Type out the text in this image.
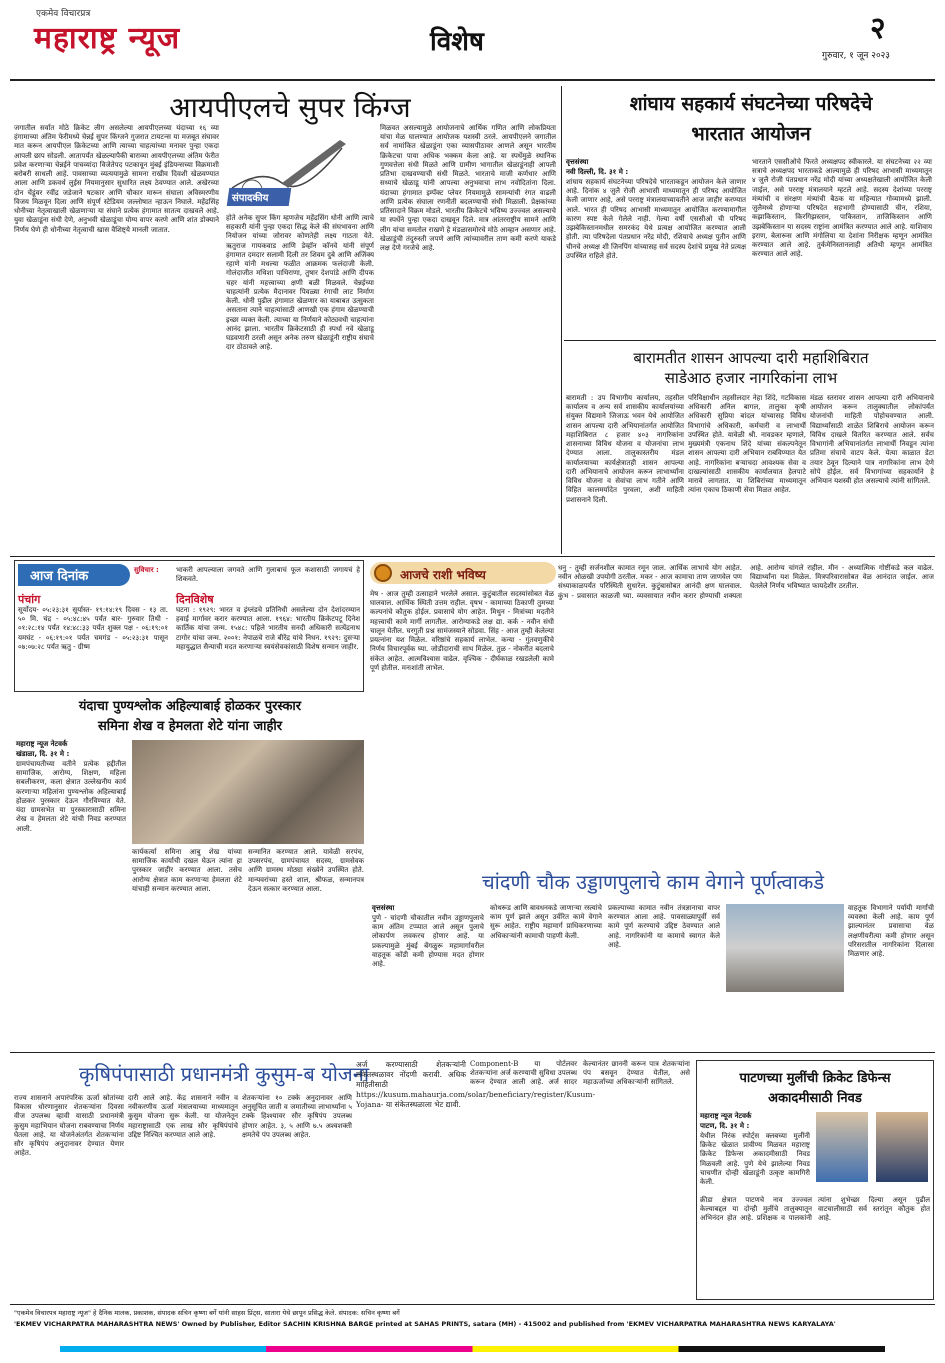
एकमेव विचारप्रत्र
महाराष्ट्र न्यूज	विशेष	२
गुरुवार, १ जून २०२३
आयपीएलचे सुपर किंग्ज
संपादकीय
जगातील सर्वात मोठे क्रिकेट लीग असलेल्या आयपीएलच्या यंदाच्या १६ व्या हंगामाच्या अंतिम फेरीमध्ये चेन्नई सुपर किंग्जने गुजरात टायटन्स या मजबूत संघावर मात करून आयपीएल क्रिकेटच्या आणि त्याच्या चाहत्यांच्या मनावर पुन्हा एकदा आपली छाप सोडली. आतापर्यंत खेळल्यापैकी बाराव्या आयपीएलच्या अंतिम फेरीत प्रवेश करणाऱ्या चेन्नईने पाचव्यांदा विजेतेपद पटकावून मुंबई इंडियन्सच्या विक्रमाशी बरोबरी साधली आहे. पावसाच्या व्यत्ययामुळे सामना राखीव दिवशी खेळवण्यात आला आणि डकवर्थ लुईस नियमानुसार सुधारित लक्ष्य ठेवण्यात आले. अखेरच्या दोन चेंडूंवर रवींद्र जडेजाने षटकार आणि चौकार मारून संघाला अविस्मरणीय विजय मिळवून दिला आणि संपूर्ण स्टेडियम जल्लोषात न्हाऊन निघाले. महेंद्रसिंह धोनीच्या नेतृत्वाखाली खेळणाऱ्या या संघाने प्रत्येक हंगामात सातत्य दाखवले आहे. युवा खेळाडूंना संधी देणे, अनुभवी खेळाडूंचा योग्य वापर करणे आणि शांत डोक्याने निर्णय घेणे ही धोनीच्या नेतृत्वाची खास वैशिष्ट्ये मानली जातात.
होते अनेक सुपर किंग म्हणजेच महेंद्रसिंग धोनी आणि त्याचे सहकारी यांनी पुन्हा एकदा सिद्ध केले की संघभावना आणि नियोजन यांच्या जोरावर कोणतेही लक्ष्य गाठता येते. ऋतुराज गायकवाड आणि डेव्हॉन कॉनवे यांनी संपूर्ण हंगामात दमदार सलामी दिली तर शिवम दुबे आणि अजिंक्य रहाणे यांनी मधल्या फळीत आक्रमक फलंदाजी केली. गोलंदाजीत मथिशा पाथिराणा, तुषार देशपांडे आणि दीपक चहर यांनी महत्त्वाच्या क्षणी बळी मिळवले. चेन्नईच्या चाहत्यांनी प्रत्येक मैदानावर पिवळ्या रंगाची लाट निर्माण केली. धोनी पुढील हंगामात खेळणार का याबाबत उत्सुकता असताना त्याने चाहत्यांसाठी आणखी एक हंगाम खेळण्याची इच्छा व्यक्त केली. त्याच्या या निर्णयाने कोट्यवधी चाहत्यांना आनंद झाला. भारतीय क्रिकेटसाठी ही स्पर्धा नवे खेळाडू घडवणारी ठरली असून अनेक तरुण खेळाडूंनी राष्ट्रीय संघाचे दार ठोठावले आहे.
मिळवत असल्यामुळे आयोजनाचे आर्थिक गणित आणि लोकप्रियता यांचा मेळ घालण्यात आयोजक यशस्वी ठरले. आयपीएलने जगातील सर्व नामांकित खेळाडूंना एका व्यासपीठावर आणले असून भारतीय क्रिकेटचा पाया अधिक भक्कम केला आहे. या स्पर्धेमुळे स्थानिक गुणवत्तेला संधी मिळते आणि ग्रामीण भागातील खेळाडूंनाही आपली प्रतिभा दाखवण्याची संधी मिळते. भारताचे माजी कर्णधार आणि सध्याचे खेळाडू यांनी आपल्या अनुभवाचा लाभ नवोदितांना दिला. यंदाच्या हंगामात इम्पॅक्ट प्लेयर नियमामुळे सामन्यांची रंगत वाढली आणि प्रत्येक संघाला रणनीती बदलण्याची संधी मिळाली. प्रेक्षकांच्या प्रतिसादाने विक्रम मोडले. भारतीय क्रिकेटचे भविष्य उज्ज्वल असल्याचे या स्पर्धेने पुन्हा एकदा दाखवून दिले. मात्र आंतरराष्ट्रीय सामने आणि लीग यांचा समतोल राखणे हे मंडळासमोरचे मोठे आव्हान असणार आहे. खेळाडूंची तंदुरुस्ती जपणे आणि त्यांच्यावरील ताण कमी करणे याकडे लक्ष देणे गरजेचे आहे.
शांघाय सहकार्य संघटनेच्या परिषदेचे
भारतात आयोजन
वृत्तसंस्था
नवी दिल्ली, दि. ३१ मे :
शांघाय सहकार्य संघटनेच्या परिषदेचे भारताकडून आयोजन केले जाणार आहे. दिनांक ४ जुलै रोजी आभासी माध्यमातून ही परिषद आयोजित केली जाणार आहे, असे परराष्ट्र मंत्रालयाच्यावतीने आज जाहीर करण्यात आले. भारत ही परिषद आभासी माध्यमातून आयोजित करण्यामागील कारण स्पष्ट केले गेलेले नाही. गेल्या वर्षी एससीओ ची परिषद उझबेकिस्तानमधील समरकंद येथे प्रत्यक्ष आयोजित करण्यात आली होती. त्या परिषदेला पंतप्रधान नरेंद्र मोदी, रशियाचे अध्यक्ष पुतीन आणि चीनचे अध्यक्ष शी जिनपिंग यांच्यासह सर्व सदस्य देशांचे प्रमुख नेते प्रत्यक्ष उपस्थित राहिले होते.
भारताने एससीओचे फिरते अध्यक्षपद स्वीकारले. या संघटनेच्या २२ व्या सत्राचे अध्यक्षपद भारताकडे आल्यामुळे ही परिषद आभासी माध्यमातून ४ जुलै रोजी पंतप्रधान नरेंद्र मोदी यांच्या अध्यक्षतेखाली आयोजित केली जाईल, असे परराष्ट्र मंत्रालयाने म्हटले आहे. सदस्य देशांच्या परराष्ट्र मंत्र्यांची व संरक्षण मंत्र्यांची बैठक या महिन्यात गोव्यामध्ये झाली. जुलैमध्ये होणाऱ्या परिषदेत सहभागी होण्यासाठी चीन, रशिया, कझाकिस्तान, किरगिझस्तान, पाकिस्तान, ताजिकिस्तान आणि उझबेकिस्तान या सदस्य राष्ट्रांना आमंत्रित करण्यात आले आहे. याशिवाय इराण, बेलारूस आणि मंगोलिया या देशांना निरीक्षक म्हणून आमंत्रित करण्यात आले आहे. तुर्कमेनिस्तानलाही अतिथी म्हणून आमंत्रित करण्यात आले आहे.
बारामतीत शासन आपल्या दारी महाशिबिरात
साडेआठ हजार नागरिकांना लाभ
बारामती : उप विभागीय कार्यालय, तहसील कार्यालय व अन्य सर्व शासकीय कार्यालयांच्या संयुक्त विद्यमाने जिजाऊ भवन येथे आयोजित शासन आपल्या दारी अभियानांतर्गत आयोजित महाशिबिरात ८ हजार ४०३ नागरिकांना शासनाच्या विविध योजना व योजनांचा लाभ देण्यात आला. तालुकास्तरीय मंडल कार्यालयाच्या कार्यक्षेत्रातही शासन आपल्या दारी अभियानाचे आयोजन करून लाभार्थ्यांना विविध योजना व सेवांचा लाभ गतीने आणि विहित कालमर्यादेत पुरवला, अशी माहिती प्रशासनाने दिली.
परिविक्षाधीन तहसीलदार नेहा शिंदे, गटविकास अधिकारी अनिल बागल, तालुका कृषी अधिकारी सुप्रिया बांदल यांच्यासह विविध विभागांचे अधिकारी, कर्मचारी व लाभार्थी उपस्थित होते. यावेळी श्री. नावडकर म्हणाले, मुख्यमंत्री एकनाथ शिंदे यांच्या संकल्पनेतून शासन आपल्या दारी अभियान राबविण्यात येत आहे. नागरिकांना बऱ्याचदा आवश्यक सेवा व दाखल्यांसाठी शासकीय कार्यालयात हेलपाटे मारावे लागतात. या शिबिरांच्या माध्यमातून त्यांना एकाच ठिकाणी सेवा मिळत आहेत.
मंडळ स्तरावर शासन आपल्या दारी अभियानाचे आयोजन करून तालुक्यातील लोकांपर्यंत योजनांची माहिती पोहोचवण्यात आली. विद्यार्थ्यांसाठी शाळेत शिबिराचे आयोजन करून विविध दाखले वितरित करण्यात आले. सर्वच विभागांनी अभियानांतर्गत लाभार्थी निवडून त्यांना प्रतिमा संचाचे वाटप केले. येत्या काळात डेटा तयार ठेवून दिल्याने पात्र नागरिकांना लाभ देणे सोपे होईल. सर्व विभागांच्या सहकार्याने हे अभियान यशस्वी होत असल्याचे त्यांनी सांगितले.
आज दिनांक	सुविचार : भाकरी आपल्याला जगवते आणि गुलाबाचं फूल कशासाठी जगायचं हे शिकवते.
पंचांग
सूर्योदय- ०५:२३:३१ सूर्यास्त- १९:१४:१९ दिवस - १३ ता. ५० मि. चंद्र - ०५:४८:४५ पर्यंत बार- गुरुवार तिथी - ०१:२८:१४ पर्यंत १४:४८:३३ पर्यंत शुक्ल पक्ष - ०६:१९:०१ यमघंट - ०६:१९:०१ पर्यंत चमगंड - ०५:२३:३१ पासून ०७:०७:२८ पर्यंत ऋतु - ग्रीष्म
दिनविशेष
घटना : १९२९: भारत व इंग्लंडचे प्रतिनिधी असलेल्या दोन देशांदरम्यान हवाई मार्गावर करार करण्यात आला. १९६४: भारतीय क्रिकेटपटू दिनेश कार्तिक यांचा जन्म. १५४८: पहिले भारतीय सनदी अधिकारी सत्येंद्रनाथ टागोर यांचा जन्म. २००१: नेपाळचे राजे बीरेंद्र यांचे निधन. १९२९: दुसऱ्या महायुद्धात सैन्याची मदत करणाऱ्या स्वयंसेवकांसाठी विशेष सन्मान जाहीर.
यंदाचा पुण्यश्लोक अहिल्याबाई होळकर पुरस्कार
समिना शेख व हेमलता शेटे यांना जाहीर
महाराष्ट्र न्यूज नेटवर्क
खंडाळा, दि. ३१ मे :
ग्रामपंचायतीच्या वतीने प्रत्येक हद्दीतील सामाजिक, आरोग्य, शिक्षण, महिला सबलीकरण, कला क्षेत्रात उल्लेखनीय कार्य करणाऱ्या महिलांना पुण्यश्लोक अहिल्याबाई होळकर पुरस्कार देऊन गौरविण्यात येते. यंदा ग्रामसभेत या पुरस्कारासाठी समिना शेख व हेमलता शेटे यांची निवड करण्यात आली.
कार्यकर्त्या समिना आबु शेख यांच्या सामाजिक कार्याची दखल घेऊन त्यांना हा पुरस्कार जाहीर करण्यात आला. तसेच आरोग्य क्षेत्रात काम करणाऱ्या हेमलता शेटे यांचाही सन्मान करण्यात आला.
सन्मानित करण्यात आले. यावेळी सरपंच, उपसरपंच, ग्रामपंचायत सदस्य, ग्रामसेवक आणि ग्रामस्थ मोठ्या संख्येने उपस्थित होते. मान्यवरांच्या हस्ते शाल, श्रीफळ, सन्मानपत्र देऊन सत्कार करण्यात आला.
आजचे राशी भविष्य
मेष - आज तुम्ही उत्साहाने भरलेले असाल. कुटुंबातील सदस्यांसोबत वेळ घालवाल. आर्थिक स्थिती उत्तम राहील. वृषभ - कामाच्या ठिकाणी तुमच्या कल्पनांचे कौतुक होईल. प्रवासाचे योग आहेत. मिथुन - मित्रांच्या मदतीने महत्त्वाची कामे मार्गी लागतील. आरोग्याकडे लक्ष द्या. कर्क - नवीन संधी चालून येतील. घरगुती प्रश्न सामंजस्याने सोडवा. सिंह - आज तुम्ही केलेल्या प्रयत्नांना यश मिळेल. वरिष्ठांचे सहकार्य लाभेल. कन्या - गुंतवणुकीचे निर्णय विचारपूर्वक घ्या. जोडीदाराची साथ मिळेल. तुळ - नोकरीत बदलाचे संकेत आहेत. आत्मविश्वास वाढेल. वृश्चिक - दीर्घकाळ रखडलेली कामे पूर्ण होतील. मनःशांती लाभेल.
धनु - तुम्ही सर्जनशील कामात रमून जाल. आर्थिक लाभाचे योग आहेत. नवीन ओळखी उपयोगी ठरतील. मकर - आज कामाचा ताण जाणवेल पण संध्याकाळपर्यंत परिस्थिती सुधारेल. कुटुंबासोबत आनंदी क्षण घालवाल. कुंभ - प्रवासात काळजी घ्या. व्यवसायात नवीन करार होण्याची शक्यता आहे. आरोग्य चांगले राहील. मीन - अध्यात्मिक गोष्टींकडे कल वाढेल. विद्यार्थ्यांना यश मिळेल. मित्रपरिवारासोबत वेळ आनंदात जाईल. आज घेतलेले निर्णय भविष्यात फायदेशीर ठरतील.
चांदणी चौक उड्डाणपुलाचे काम वेगाने पूर्णत्वाकडे
वृत्तसंस्था
पुणे - चांदणी चौकातील नवीन उड्डाणपुलाचे काम अंतिम टप्प्यात आले असून पुलाचे लोकार्पण लवकरच होणार आहे. या प्रकल्पामुळे मुंबई बेंगळुरू महामार्गावरील वाहतूक कोंडी कमी होण्यास मदत होणार आहे.
कोथरूड आणि बावधनकडे जाणाऱ्या रस्त्यांचे काम पूर्ण झाले असून उर्वरित कामे वेगाने सुरू आहेत. राष्ट्रीय महामार्ग प्राधिकरणाच्या अधिकाऱ्यांनी कामाची पाहणी केली.
प्रकल्पाच्या कामात नवीन तंत्रज्ञानाचा वापर करण्यात आला आहे. पावसाळ्यापूर्वी सर्व कामे पूर्ण करण्याचे उद्दिष्ट ठेवण्यात आले आहे. नागरिकांनी या कामाचे स्वागत केले आहे.
वाहतूक विभागाने पर्यायी मार्गांची व्यवस्था केली आहे. काम पूर्ण झाल्यानंतर प्रवासाचा वेळ लक्षणीयरीत्या कमी होणार असून परिसरातील नागरिकांना दिलासा मिळणार आहे.
कृषिपंपासाठी प्रधानमंत्री कुसुम-ब योजना
राज्य शासनाने अपारंपरिक ऊर्जा स्रोतांच्या विकास धोरणानुसार शेतकऱ्यांना दिवसा वीज उपलब्ध व्हावी यासाठी प्रधानमंत्री कुसुम महाभियान योजना राबवण्याचा निर्णय घेतला आहे. या योजनेअंतर्गत शेतकऱ्यांना सौर कृषिपंप अनुदानावर देण्यात येणार आहेत.
दारी आले आहे. केंद्र शासनाने नवीन व नवीकरणीय ऊर्जा मंत्रालयाच्या माध्यमातून कुसुम योजना सुरू केली. या योजनेतून महाराष्ट्रासाठी एक लाख सौर कृषिपंपांचे उद्दिष्ट निश्चित करण्यात आले आहे.
शेतकऱ्यांना १० टक्के अनुदानावर आणि अनुसूचित जाती व जमातीच्या लाभार्थ्यांना ५ टक्के हिश्श्यावर सौर कृषिपंप उपलब्ध होणार आहेत. ३, ५ आणि ७.५ अश्वशक्ती क्षमतेचे पंप उपलब्ध आहेत.
अर्ज करण्यासाठी शेतकऱ्यांनी संकेतस्थळावर नोंदणी करावी. अधिक माहितीसाठी https://kusum.mahaurja.com/solar/beneficiary/register/Kusum-Yojana- या संकेतस्थळाला भेट द्यावी.
Component-B या पोर्टलवर शेतकऱ्यांना अर्ज करण्याची सुविधा उपलब्ध करून देण्यात आली आहे. अर्ज सादर केल्यानंतर छाननी करून पात्र शेतकऱ्यांना पंप बसवून देण्यात येतील, असे महाऊर्जाच्या अधिकाऱ्यांनी सांगितले.	पाटणच्या मुलींची क्रिकेट डिफेन्स
अकादमीसाठी निवड
महाराष्ट्र न्यूज नेटवर्क
पाटण, दि. ३१ मे :
येथील निरंक स्पोर्ट्स क्लबच्या मुलींनी क्रिकेट खेळात प्रावीण्य मिळवत महाराष्ट्र क्रिकेट डिफेन्स अकादमीसाठी निवड मिळवली आहे. पुणे येथे झालेल्या निवड चाचणीत दोन्ही खेळाडूंनी उत्कृष्ट कामगिरी केली.
क्रीडा क्षेत्रात पाटणचे नाव उज्ज्वल केल्याबद्दल या दोन्ही मुलींचे तालुक्यातून अभिनंदन होत आहे. प्रशिक्षक व पालकांनी त्यांना शुभेच्छा दिल्या असून पुढील वाटचालीसाठी सर्व स्तरांतून कौतुक होत आहे.
"एकमेव विचारपत्र महाराष्ट्र न्यूज" हे दैनिक मालक, प्रकाशक, संपादक सचिन कृष्णा बर्गे यांनी साहस प्रिंट्स, सातारा येथे छापून प्रसिद्ध केले. संपादक: सचिन कृष्णा बर्गे
'EKMEV VICHARPATRA MAHARASHTRA NEWS' Owned by Publisher, Editor SACHIN KRISHNA BARGE printed at SAHAS PRINTS, satara (MH) - 415002 and published from 'EKMEV VICHARPATRA MAHARASHTRA NEWS KARYALAYA'
